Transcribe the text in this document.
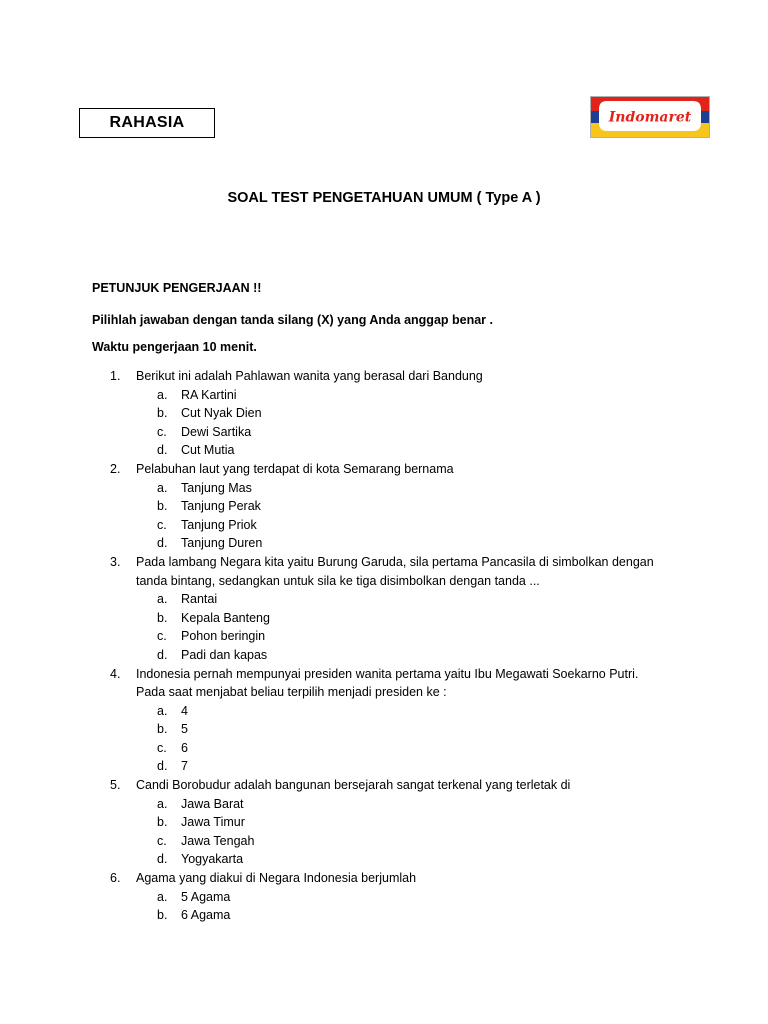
RAHASIA	Indomaret
SOAL TEST PENGETAHUAN UMUM ( Type A )
PETUNJUK PENGERJAAN !!
Pilihlah jawaban dengan tanda silang (X) yang Anda anggap benar .
Waktu pengerjaan 10 menit.
1.	Berikut ini adalah Pahlawan wanita yang berasal dari Bandung
a. RA Kartini
b. Cut Nyak Dien
c. Dewi Sartika
d. Cut Mutia
2.	Pelabuhan laut yang terdapat di kota Semarang bernama
a. Tanjung Mas
b. Tanjung Perak
c. Tanjung Priok
d. Tanjung Duren
3.	Pada lambang Negara kita yaitu Burung Garuda, sila pertama Pancasila di simbolkan dengan
tanda bintang, sedangkan untuk sila ke tiga disimbolkan dengan tanda ...
a. Rantai
b. Kepala Banteng
c. Pohon beringin
d. Padi dan kapas
4.	Indonesia pernah mempunyai presiden wanita pertama yaitu Ibu Megawati Soekarno Putri.
Pada saat menjabat beliau terpilih menjadi presiden ke :
a. 4
b. 5
c. 6
d. 7
5.	Candi Borobudur adalah bangunan bersejarah sangat terkenal yang terletak di
a. Jawa Barat
b. Jawa Timur
c. Jawa Tengah
d. Yogyakarta
6.	Agama yang diakui di Negara Indonesia berjumlah
a. 5 Agama
b. 6 Agama
